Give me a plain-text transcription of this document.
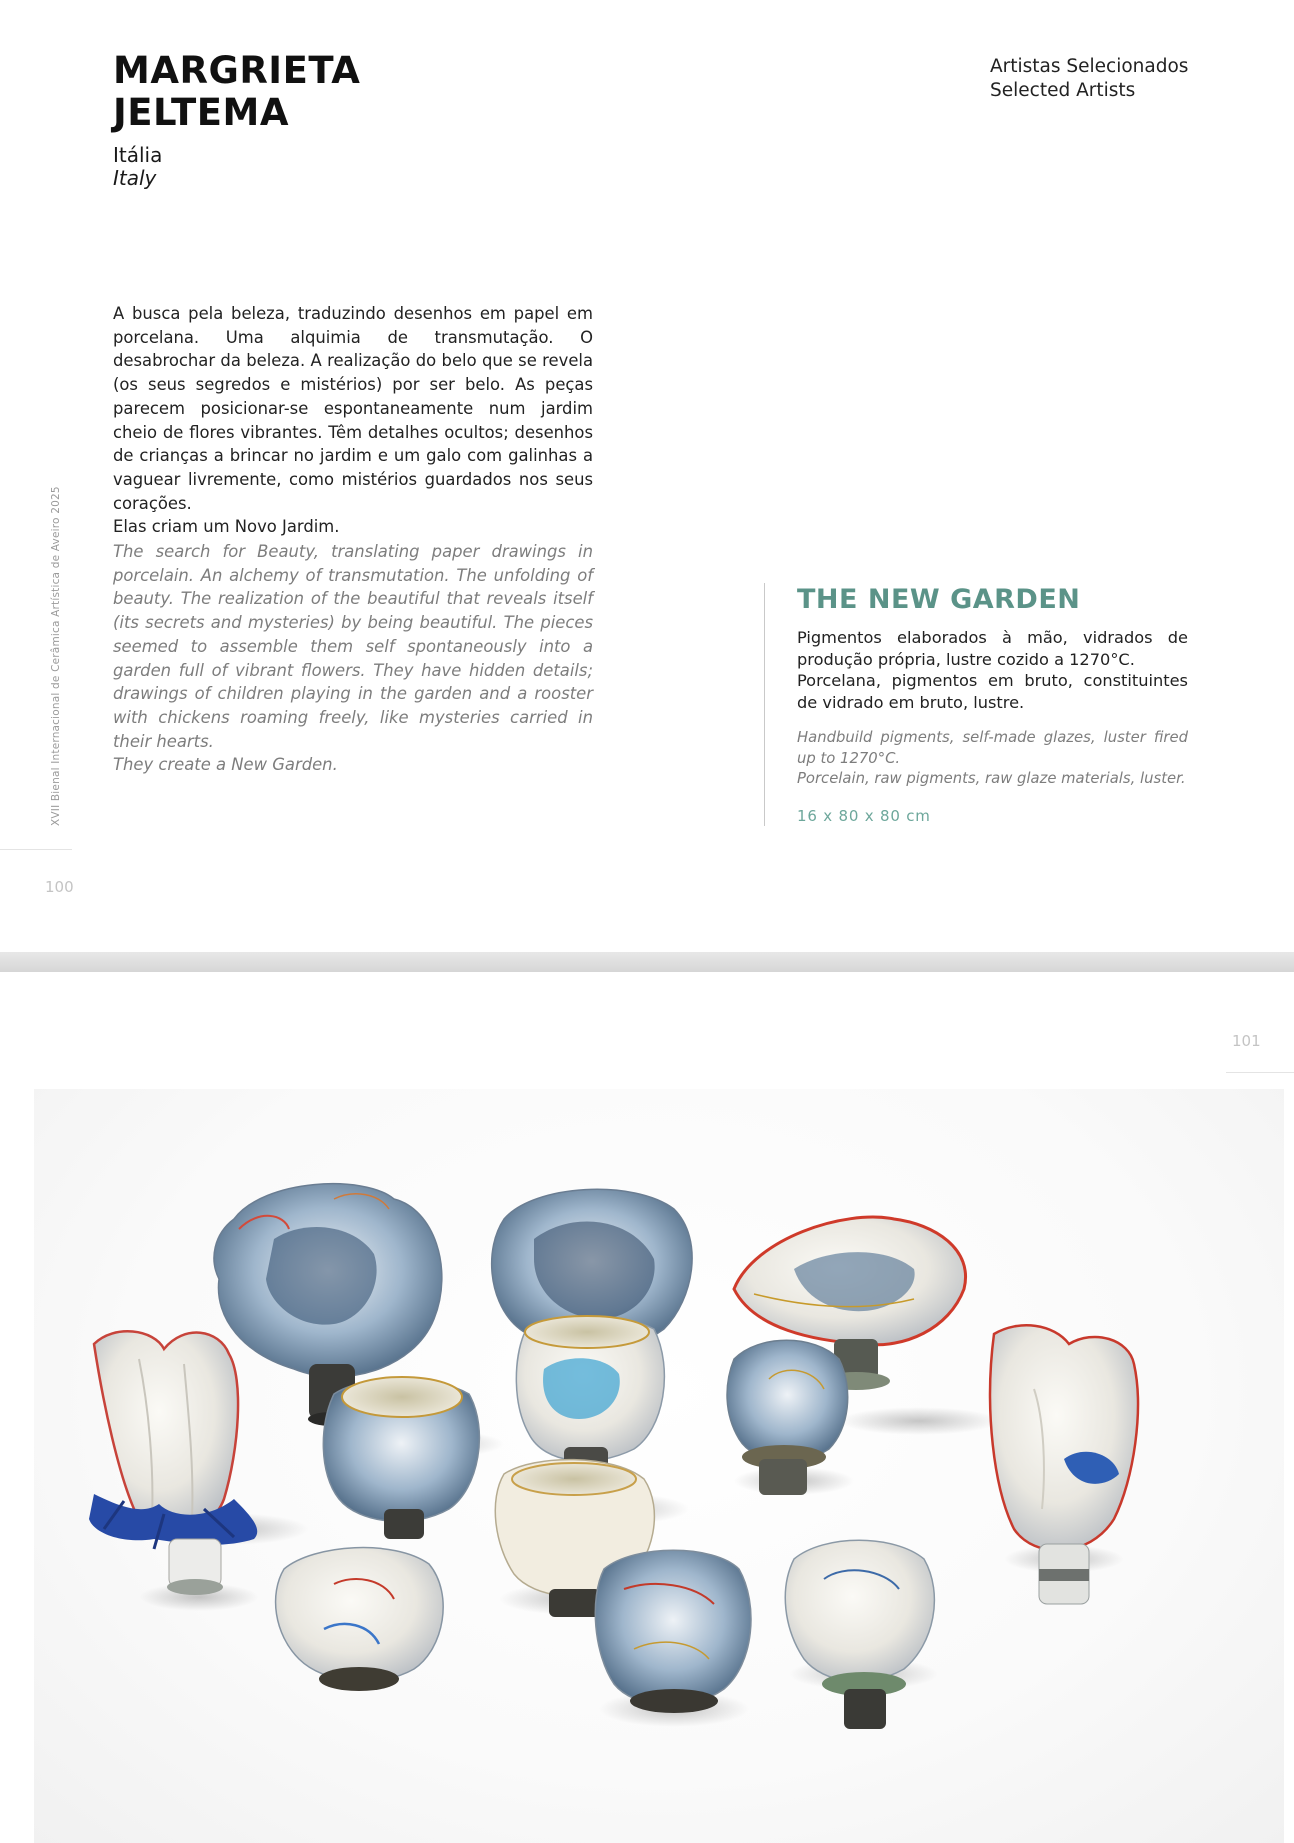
MARGRIETA
JELTEMA
Itália
Italy
Artistas Selecionados
Selected Artists

A busca pela beleza, traduzindo desenhos em papel em porcelana. Uma alquimia de transmutação. O desabrochar da beleza. A realização do belo que se revela (os seus segredos e mistérios) por ser belo. As peças parecem posicionar-se espontaneamente num jardim cheio de flores vibrantes. Têm detalhes ocultos; desenhos de crianças a brincar no jardim e um galo com galinhas a vaguear livremente, como mistérios guardados nos seus corações.

Elas criam um Novo Jardim.

The search for Beauty, translating paper drawings in porcelain. An alchemy of transmutation. The unfolding of beauty. The realization of the beautiful that reveals itself (its secrets and mysteries) by being beautiful. The pieces seemed to assemble them self spontaneously into a garden full of vibrant flowers. They have hidden details; drawings of children playing in the garden and a rooster with chickens roaming freely, like mysteries carried in their hearts.

They create a New Garden.

THE NEW GARDEN

Pigmentos elaborados à mão, vidrados de produção própria, lustre cozido a 1270°C.

Porcelana, pigmentos em bruto, constituintes de vidrado em bruto, lustre.

Handbuild pigments, self-made glazes, luster fired up to 1270°C.

Porcelain, raw pigments, raw glaze materials, luster.

16 x 80 x 80 cm
XVII Bienal Internacional de Cerâmica Artística de Aveiro 2025
100
101
